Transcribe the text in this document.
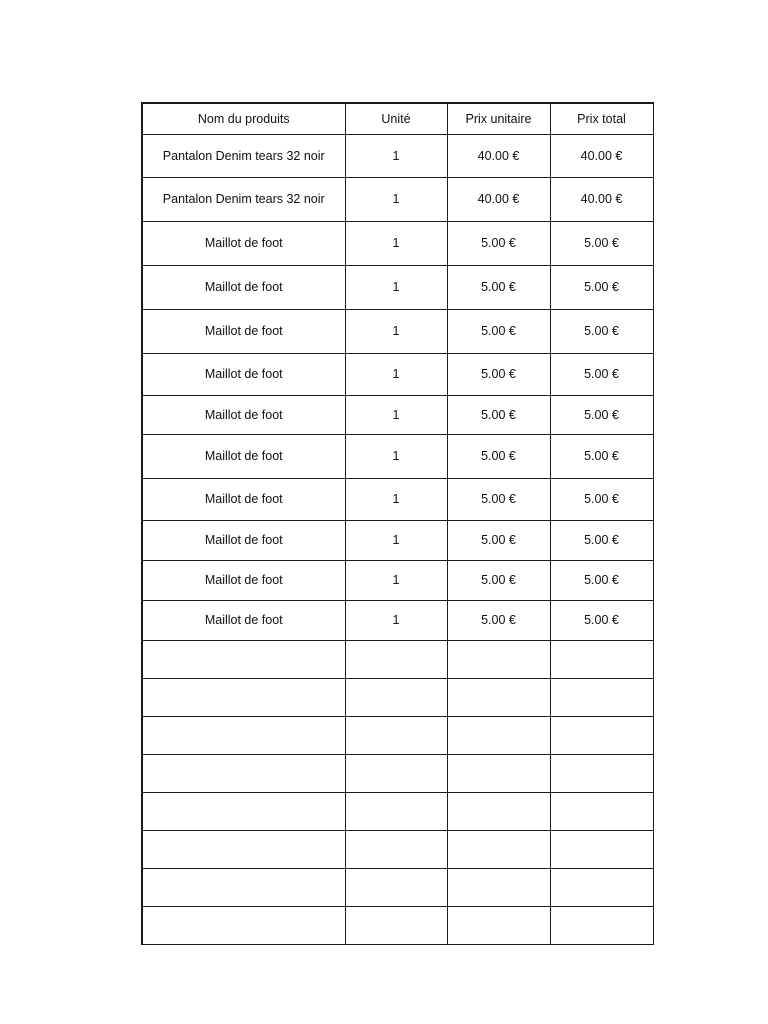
Nom du produits	Unité	Prix unitaire	Prix total
Pantalon Denim tears 32 noir	1	40.00 €	40.00 €
Pantalon Denim tears 32 noir	1	40.00 €	40.00 €
Maillot de foot	1	5.00 €	5.00 €
Maillot de foot	1	5.00 €	5.00 €
Maillot de foot	1	5.00 €	5.00 €
Maillot de foot	1	5.00 €	5.00 €
Maillot de foot	1	5.00 €	5.00 €
Maillot de foot	1	5.00 €	5.00 €
Maillot de foot	1	5.00 €	5.00 €
Maillot de foot	1	5.00 €	5.00 €
Maillot de foot	1	5.00 €	5.00 €
Maillot de foot	1	5.00 €	5.00 €
